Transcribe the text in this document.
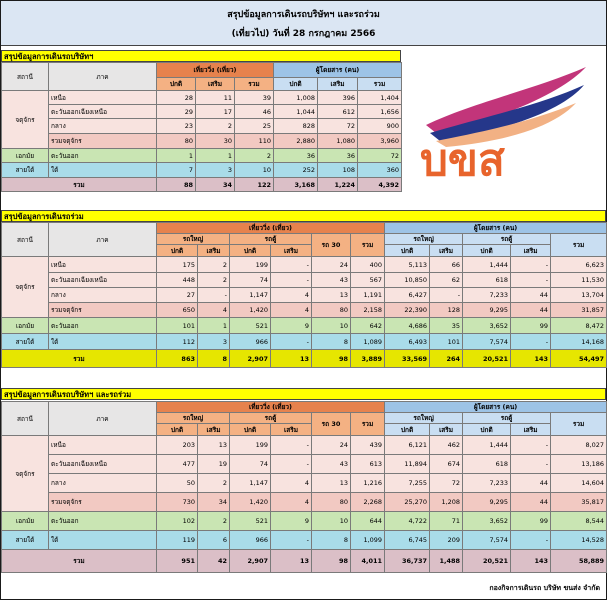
สรุปข้อมูลการเดินรถบริษัทฯ และรถร่วม
(เที่ยวไป) วันที่ 28 กรกฎาคม 2566
สรุปข้อมูลการเดินรถบริษัทฯ
สถานี	ภาค	เที่ยววิ่ง (เที่ยว)			ผู้โดยสาร (คน)		
		ปกติ	เสริม	รวม	ปกติ	เสริม	รวม
จตุจักร	เหนือ	28	11	39	1,008	396	1,404
	ตะวันออกเฉียงเหนือ	29	17	46	1,044	612	1,656
	กลาง	23	2	25	828	72	900
	รวมจตุจักร	80	30	110	2,880	1,080	3,960
เอกมัย	ตะวันออก	1	1	2	36	36	72
สายใต้	ใต้	7	3	10	252	108	360
รวม		88	34	122	3,168	1,224	4,392 บขส
สรุปข้อมูลการเดินรถร่วม
สถานี	ภาค	เที่ยววิ่ง (เที่ยว)						ผู้โดยสาร (คน)				
		รถใหญ่		รถตู้		รถ 30	รวม	รถใหญ่		รถตู้		รวม
		ปกติ	เสริม	ปกติ	เสริม			ปกติ	เสริม	ปกติ	เสริม	
จตุจักร	เหนือ	175	2	199	-	24	400	5,113	66	1,444	-	6,623
	ตะวันออกเฉียงเหนือ	448	2	74	-	43	567	10,850	62	618	-	11,530
	กลาง	27	-	1,147	4	13	1,191	6,427	-	7,233	44	13,704
	รวมจตุจักร	650	4	1,420	4	80	2,158	22,390	128	9,295	44	31,857
เอกมัย	ตะวันออก	101	1	521	9	10	642	4,686	35	3,652	99	8,472
สายใต้	ใต้	112	3	966	-	8	1,089	6,493	101	7,574	-	14,168
รวม		863	8	2,907	13	98	3,889	33,569	264	20,521	143	54,497
สรุปข้อมูลการเดินรถบริษัทฯ และรถร่วม
สถานี	ภาค	เที่ยววิ่ง (เที่ยว)						ผู้โดยสาร (คน)				
		รถใหญ่		รถตู้		รถ 30	รวม	รถใหญ่		รถตู้		รวม
		ปกติ	เสริม	ปกติ	เสริม			ปกติ	เสริม	ปกติ	เสริม	
จตุจักร	เหนือ	203	13	199	-	24	439	6,121	462	1,444	-	8,027
	ตะวันออกเฉียงเหนือ	477	19	74	-	43	613	11,894	674	618	-	13,186
	กลาง	50	2	1,147	4	13	1,216	7,255	72	7,233	44	14,604
	รวมจตุจักร	730	34	1,420	4	80	2,268	25,270	1,208	9,295	44	35,817
เอกมัย	ตะวันออก	102	2	521	9	10	644	4,722	71	3,652	99	8,544
สายใต้	ใต้	119	6	966	-	8	1,099	6,745	209	7,574	-	14,528
รวม		951	42	2,907	13	98	4,011	36,737	1,488	20,521	143	58,889
กองกิจการเดินรถ บริษัท ขนส่ง จำกัด
